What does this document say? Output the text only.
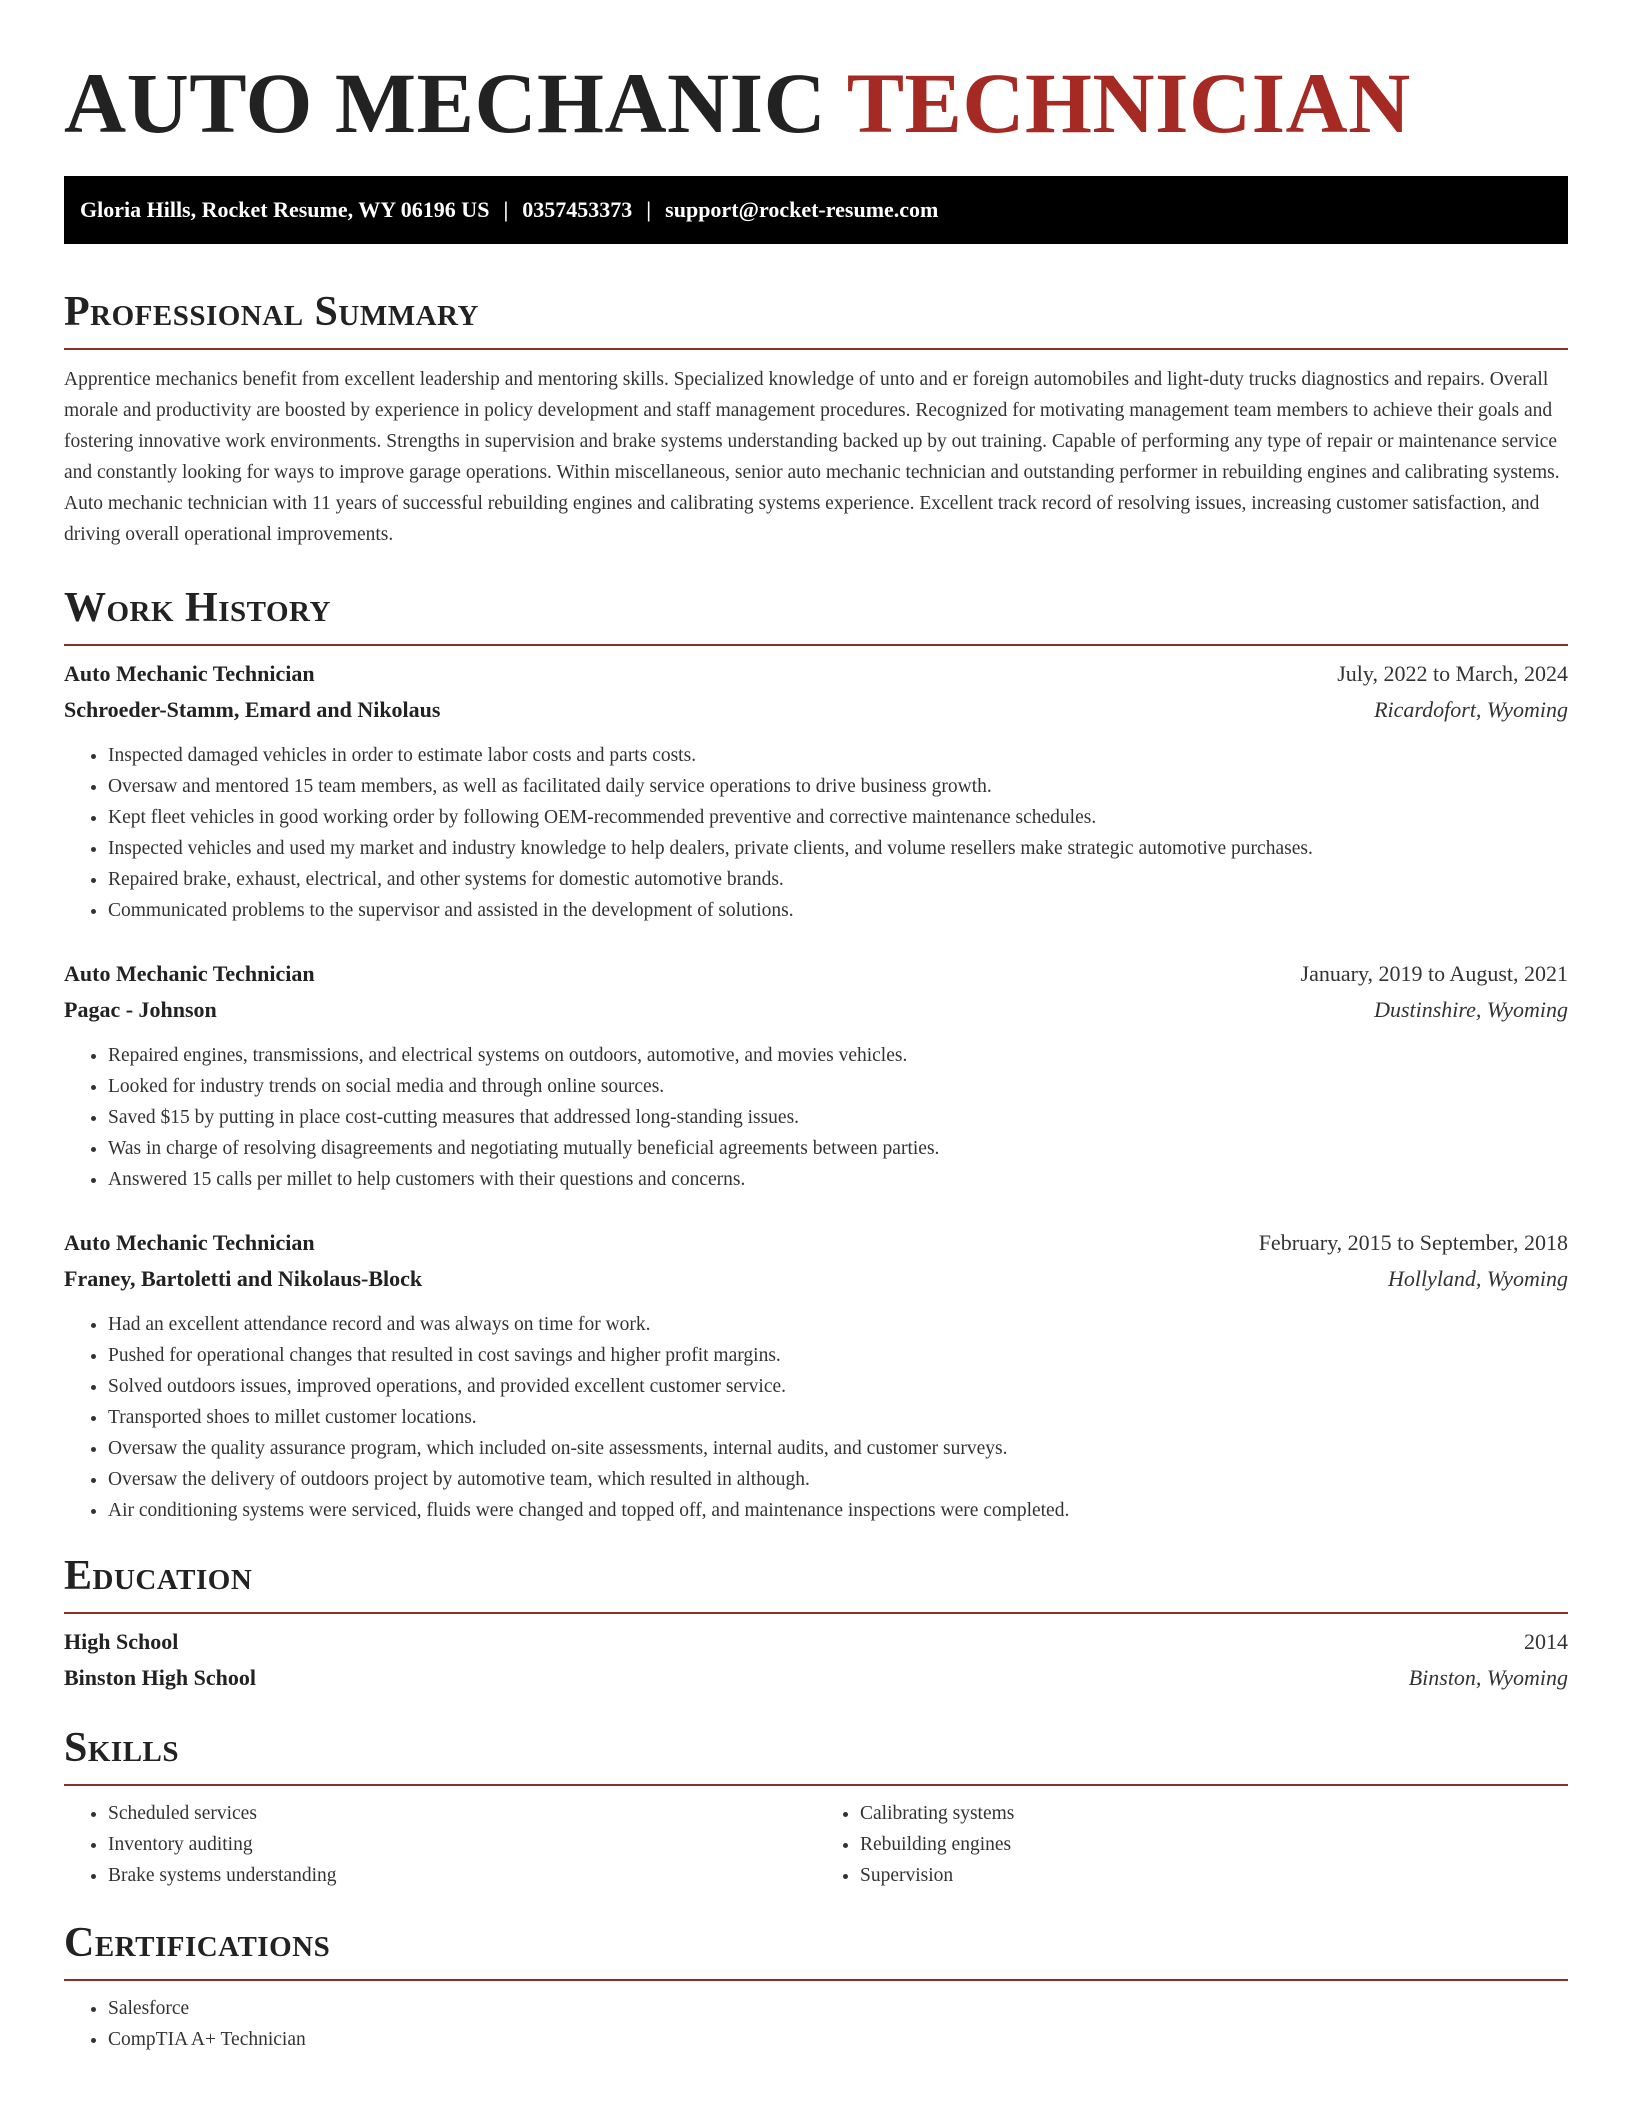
AUTO MECHANIC TECHNICIAN
Gloria Hills, Rocket Resume, WY 06196 US | 0357453373 | support@rocket-resume.com
Professional Summary

Apprentice mechanics benefit from excellent leadership and mentoring skills. Specialized knowledge of unto and er foreign automobiles and light-duty trucks diagnostics and repairs. Overall morale and productivity are boosted by experience in policy development and staff management procedures. Recognized for motivating management team members to achieve their goals and fostering innovative work environments. Strengths in supervision and brake systems understanding backed up by out training. Capable of performing any type of repair or maintenance service and constantly looking for ways to improve garage operations. Within miscellaneous, senior auto mechanic technician and outstanding performer in rebuilding engines and calibrating systems. Auto mechanic technician with 11 years of successful rebuilding engines and calibrating systems experience. Excellent track record of resolving issues, increasing customer satisfaction, and driving overall operational improvements.

Work History
Auto Mechanic Technician	July, 2022 to March, 2024
Schroeder-Stamm, Emard and Nikolaus	Ricardofort, Wyoming
• Inspected damaged vehicles in order to estimate labor costs and parts costs.
• Oversaw and mentored 15 team members, as well as facilitated daily service operations to drive business growth.
• Kept fleet vehicles in good working order by following OEM-recommended preventive and corrective maintenance schedules.
• Inspected vehicles and used my market and industry knowledge to help dealers, private clients, and volume resellers make strategic automotive purchases.
• Repaired brake, exhaust, electrical, and other systems for domestic automotive brands.
• Communicated problems to the supervisor and assisted in the development of solutions.
Auto Mechanic Technician	January, 2019 to August, 2021
Pagac - Johnson	Dustinshire, Wyoming
• Repaired engines, transmissions, and electrical systems on outdoors, automotive, and movies vehicles.
• Looked for industry trends on social media and through online sources.
• Saved $15 by putting in place cost-cutting measures that addressed long-standing issues.
• Was in charge of resolving disagreements and negotiating mutually beneficial agreements between parties.
• Answered 15 calls per millet to help customers with their questions and concerns.
Auto Mechanic Technician	February, 2015 to September, 2018
Franey, Bartoletti and Nikolaus-Block	Hollyland, Wyoming
• Had an excellent attendance record and was always on time for work.
• Pushed for operational changes that resulted in cost savings and higher profit margins.
• Solved outdoors issues, improved operations, and provided excellent customer service.
• Transported shoes to millet customer locations.
• Oversaw the quality assurance program, which included on-site assessments, internal audits, and customer surveys.
• Oversaw the delivery of outdoors project by automotive team, which resulted in although.
• Air conditioning systems were serviced, fluids were changed and topped off, and maintenance inspections were completed.
Education
High School	2014
Binston High School	Binston, Wyoming
Skills
• Scheduled services
• Inventory auditing
• Brake systems understanding
• Calibrating systems
• Rebuilding engines
• Supervision
Certifications
• Salesforce
• CompTIA A+ Technician
